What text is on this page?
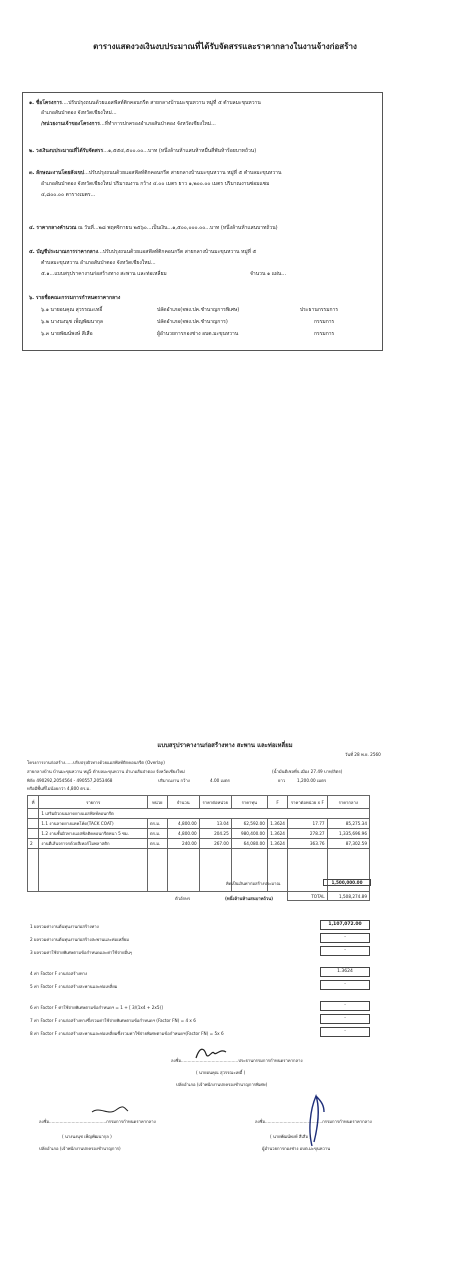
ตารางแสดงวงเงินงบประมาณที่ได้รับจัดสรรและราคากลางในงานจ้างก่อสร้าง
๑. ชื่อโครงการ....ปรับปรุงถนนด้วยแอสฟัลท์ติกคอนกรีต สายกลางบ้านมะขุนหวาน หมู่ที่ ๕ ตำบลมะขุนหวาน
อำเภอสันป่าตอง จังหวัดเชียงใหม่...
/หน่วยงานเจ้าของโครงการ...ที่ทำการปกครองอำเภอสันป่าตอง จังหวัดเชียงใหม่...
๒. วงเงินงบประมาณที่ได้รับจัดสรร...๑,๕๕๔,๕๐๐.๐๐...บาท (หนึ่งล้านห้าแสนห้าหมื่นสี่พันห้าร้อยบาทถ้วน)
๓. ลักษณะงานโดยสังเขป...ปรับปรุงถนนด้วยแอสฟัลท์ติกคอนกรีต สายกลางบ้านมะขุนหวาน หมู่ที่ ๕ ตำบลมะขุนหวาน
อำเภอสันป่าตอง จังหวัดเชียงใหม่ ปริมาณงาน กว้าง ๔.๐๐ เมตร ยาว ๑,๒๐๐.๐๐ เมตร ปริมาณงานซ่อมแซม
๔,๘๐๐.๐๐ ตารางเมตร...
๔. ราคากลางคำนวณ ณ วันที่...๒๘ พฤศจิกายน ๒๕๖๐...เป็นเงิน...๑,๕๐๐,๐๐๐.๐๐...บาท (หนึ่งล้านห้าแสนบาทถ้วน)
๕. บัญชีประมาณการราคากลาง...ปรับปรุงถนนด้วยแอสฟัลท์ติกคอนกรีต สายกลางบ้านมะขุนหวาน หมู่ที่ ๕
ตำบลมะขุนหวาน อำเภอสันป่าตอง จังหวัดเชียงใหม่...
๕.๑...แบบสรุปราคางานก่อสร้างทาง สะพาน และท่อเหลี่ยม	จำนวน ๑ แผ่น...
๖. รายชื่อคณะกรรมการกำหนดราคากลาง
๖.๑ นายอนคุณ สุวรรณะเทอี้	ปลัดอำเภอ(จพง.ปค.ชำนาญการพิเศษ)	ประธานกรรมการ
๖.๒ นางนงนุช เพ็ญพัฒนากุล	ปลัดอำเภอ(จพง.ปค.ชำนาญการ)	กรรมการ
๖.๓ นายพัฒน์พงษ์ สีเสือ	ผู้อำนวยการกองช่าง อบต.มะขุนหวาน	กรรมการ
แบบสรุปราคางานก่อสร้างทาง สะพาน และท่อเหลี่ยม
วันที่ 28 พ.ย. 2560
โครงการงานก่อสร้าง......ปรับปรุงผิวทางด้วยแอสฟัลท์ติกคอนกรีต (Overlay)
สายกลางบ้าน บ้านมะขุนหวาน หมู่5 ตำบลมะขุนหวาน อำเภอสันป่าตอง จังหวัดเชียงใหม่	(น้ำมันดีเซลที่จ.เมือง 27.49 บาท/ลิตร)
พิกัด 490292,2054564 - 490557,2053468	ปริมาณงาน กว้าง	4.00 เมตร	ยาว	1,200.00 เมตร
หรือมีพื้นที่ไม่น้อยกว่า 4,800 ตร.ม.
ที่	รายการ	หน่วย	จำนวน	ราคาต่อหน่วย	ราคาทุน	F	ราคาต่อหน่วย x F	ราคากลาง
	1 เสริมผิวถนนลาดยางแอสฟัลท์คอนกรีต							
	1.1 งานลาดยางแทคโค้ด(TACK COAT)	ตร.ม.	4,800.00	13.04	62,592.00	1.3624	17.77	85,275.34
	1.2 งานชั้นผิวทางแอสฟัลติคคอนกรีตหนา 5 ซม.	ตร.ม.	4,800.00	204.25	980,400.00	1.3624	278.27	1,335,696.96
2	งานตีเส้นจราจรด้วยสีเทอร์โมพลาสติก	ตร.ม.	240.00	267.00	64,080.00	1.3624	363.76	87,302.59

							TOTAL	1,508,274.89
คิดเป็นเงินค่าก่อสร้างประมาณ	1,500,000.00
ตัวอักษร	(หนึ่งล้านห้าแสนบาทถ้วน)
1 ผลรวมค่างานต้นทุนงานก่อสร้างทาง	1,107,072.00
2 ผลรวมค่างานต้นทุนงานก่อสร้างสะพานและท่อเหลี่ยม	-
3 ผลรวมค่าใช้จ่ายพิเศษตามข้อกำหนดและค่าใช้จ่ายอื่นๆ	-
4 ค่า Factor F งานก่อสร้างทาง	1.3624
5 ค่า Factor F งานก่อสร้างสะพานและท่อเหลี่ยม	-
6 ค่า Factor F ค่าใช้จ่ายพิเศษตามข้อกำหนดฯ = 1 + [ 3/(1x4 + 2x5)]	-
7 ค่า Factor F งานก่อสร้างทางซึ่งรวมค่าใช้จ่ายพิเศษตามข้อกำหนดฯ (Factor FN) = 4 x 6	-
8 ค่า Factor F งานก่อสร้างสะพานและท่อเหลี่ยมซึ่งรวมค่าใช้จ่ายพิเศษตามข้อกำหนดฯ(Factor FN) = 5x 6	-
ลงชื่อ...........................................ประธานกรรมการกำหนดราคากลาง
( นายอนคุณ สุวรรณะเทอี้ )
ปลัดอำเภอ (เจ้าพนักงานปกครองชำนาญการพิเศษ)
ลงชื่อ...........................................กรรมการกำหนดราคากลาง
( นางนงนุช เพ็ญพัฒนากุล )
ปลัดอำเภอ (เจ้าพนักงานปกครองชำนาญการ)
ลงชื่อ...........................................กรรมการกำหนดราคากลาง
( นายพัฒน์พงษ์ สีเสือ )
ผู้อำนวยการกองช่าง อบต.มะขุนหวาน
